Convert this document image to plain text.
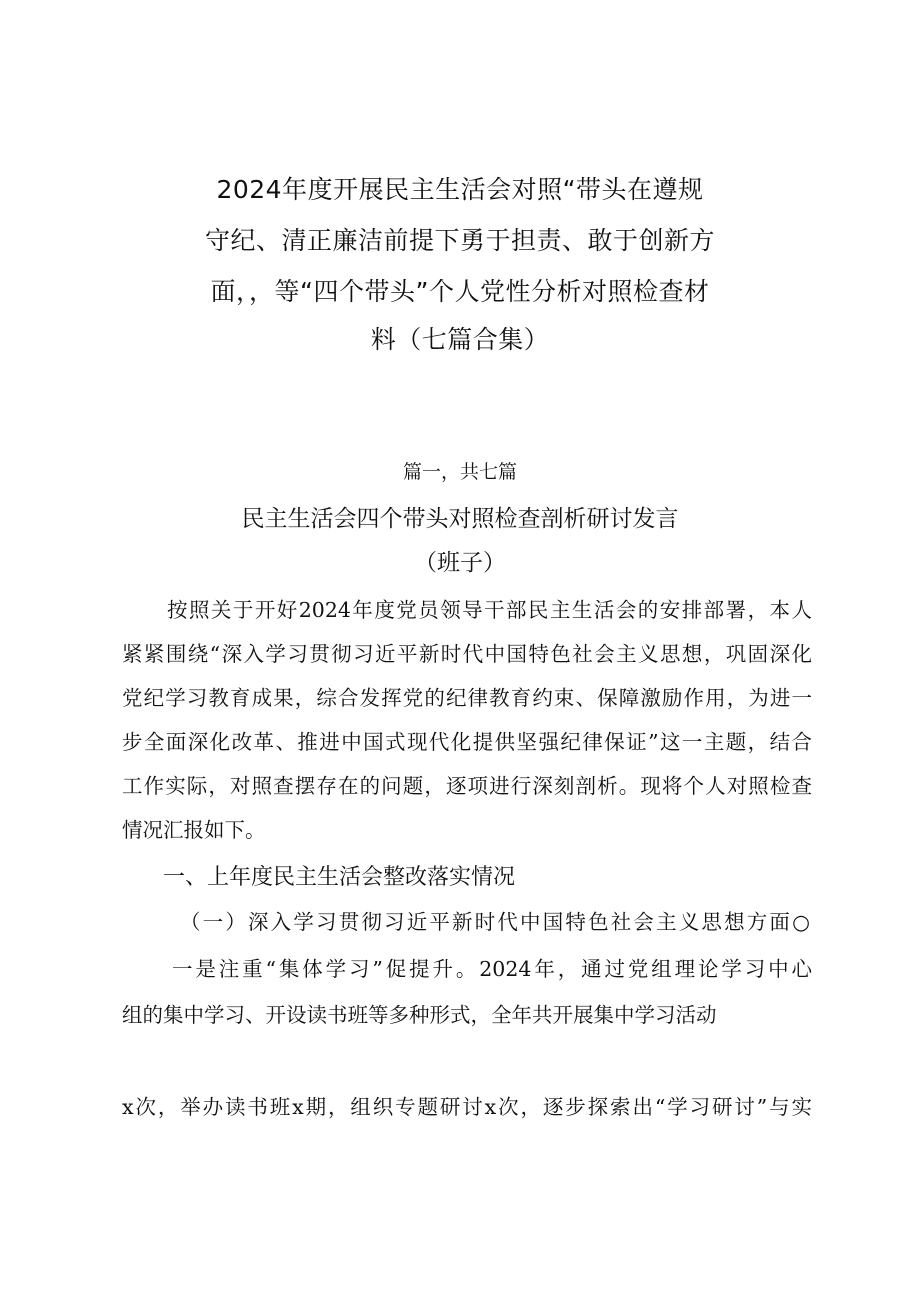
2024年度开展民主生活会对照“带头在遵规
守纪、清正廉洁前提下勇于担责、敢于创新方
面，，等“四个带头”个人党性分析对照检查材
料（七篇合集）
篇一，共七篇
民主生活会四个带头对照检查剖析研讨发言
（班子）
按照关于开好2024年度党员领导干部民主生活会的安排部署，本人
紧紧围绕“深入学习贯彻习近平新时代中国特色社会主义思想，巩固深化
党纪学习教育成果，综合发挥党的纪律教育约束、保障激励作用，为进一
步全面深化改革、推进中国式现代化提供坚强纪律保证”这一主题，结合
工作实际，对照查摆存在的问题，逐项进行深刻剖析。现将个人对照检查
情况汇报如下。
一、上年度民主生活会整改落实情况
（一）深入学习贯彻习近平新时代中国特色社会主义思想方面○
一是注重“集体学习”促提升。2024年，通过党组理论学习中心
组的集中学习、开设读书班等多种形式，全年共开展集中学习活动
x次，举办读书班x期，组织专题研讨x次，逐步探索出“学习研讨”与实
